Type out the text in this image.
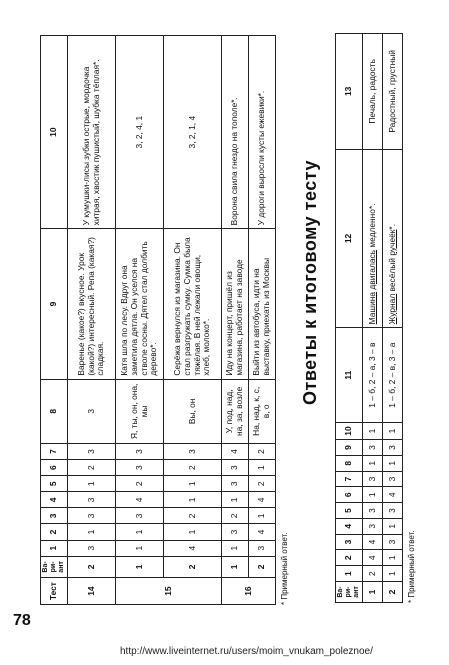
Тест	Ва-
ри-
ант	1	2	3	4	5	6	7	8	9	10
14	2	3	1	3	3	1	2	3	3	Варенье (какое?) вкусное. Урок (какой?) интересный. Репа (какая?) сладкая.	У кумушки-лисы зубки острые, мордочка хитрая, хвостик пушистый, шубка тёплая*.
15	1	1	1	3	4	2	3	3	Я, ты, он, она, мы	Катя шла по лесу. Вдруг она заметила дятла. Он уселся на стволе сосны. Дятел стал долбить дерево*.	3, 2, 4, 1
	2	4	1	2	1	1	2	3	Вы, он	Серёжа вернулся из магазина. Он стал разгружать сумку. Сумка была тяжёлая. В ней лежали овощи, хлеб, молоко*.	3, 2, 1, 4
16	1	1	3	2	1	3	3	4	У, под, над, на, за, возле	Иду на концерт, пришёл из магазина, работает на заводе	Ворона свила гнездо на тополе*.
	2	3	4	1	4	2	1	2	На, над, к, с, в, о	Выйти из автобуса, идти на выставку, приехать из Москвы	У дороги выросли кусты ежевики*.
* Примерный ответ.
Ответы к итоговому тесту
Ва-
ри-
ант	1	2	3	4	5	6	7	8	9	10	11	12	13
1	2	4	4	3	3	1	3	1	3	1	1 – б, 2 – а, 3 – в	Машина двигалась медленно*.	Печаль, радость
2	1	1	3	1	3	4	3	1	3	1	1 – б, 2 – в, 3 – а	Журнал весёлый ручеёк*.	Радостный, грустный
* Примерный ответ.
78
http://www.liveinternet.ru/users/moim_vnukam_poleznoe/
